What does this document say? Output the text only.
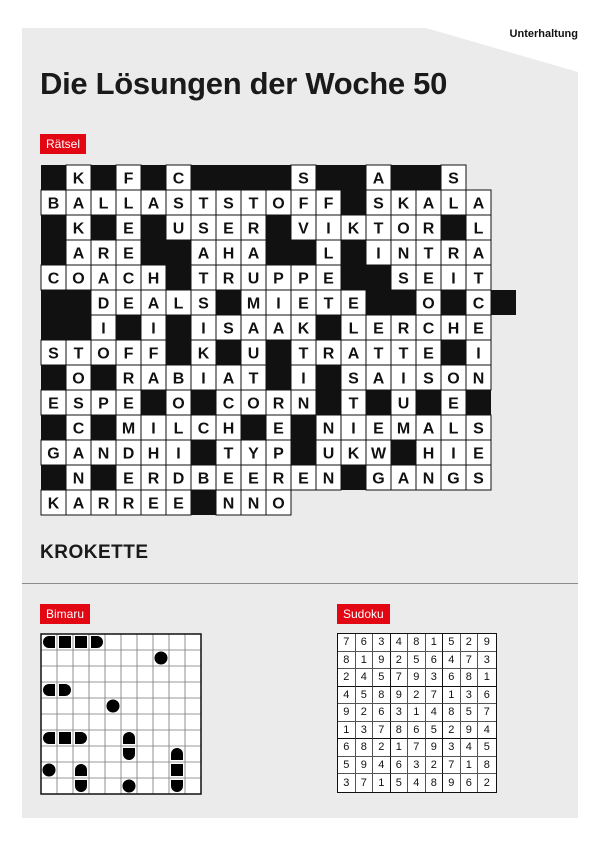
Unterhaltung
Die Lösungen der Woche 50
Rätsel
K F C	S	A	S
B A L L A S T S T O F F S K A L A
K E U S E R V I K T O R L
A R E	A H A	L	I N T R A
C O A C H T R U P P E	S E I T
D E A L S M I E T E	O C
I	I	I S A A K L E R C H E
S T O F F K U T R A T T E	I
O R A B I A T	I	S A I S O N
E S P E O C O R N T U E
C M I L C H E N I E M A L S
G A N D H I	T Y P U K W H I E
N E R D B E E R E N G A N G S
K A R R E E N N O
KROKETTE
Bimaru	Sudoku
7	6	3	4	8	1	5	2	9
8	1	9	2	5	6	4	7	3
2	4	5	7	9	3	6	8	1
4	5	8	9	2	7	1	3	6
9	2	6	3	1	4	8	5	7
1	3	7	8	6	5	2	9	4
6	8	2	1	7	9	3	4	5
5	9	4	6	3	2	7	1	8
3	7	1	5	4	8	9	6	2
